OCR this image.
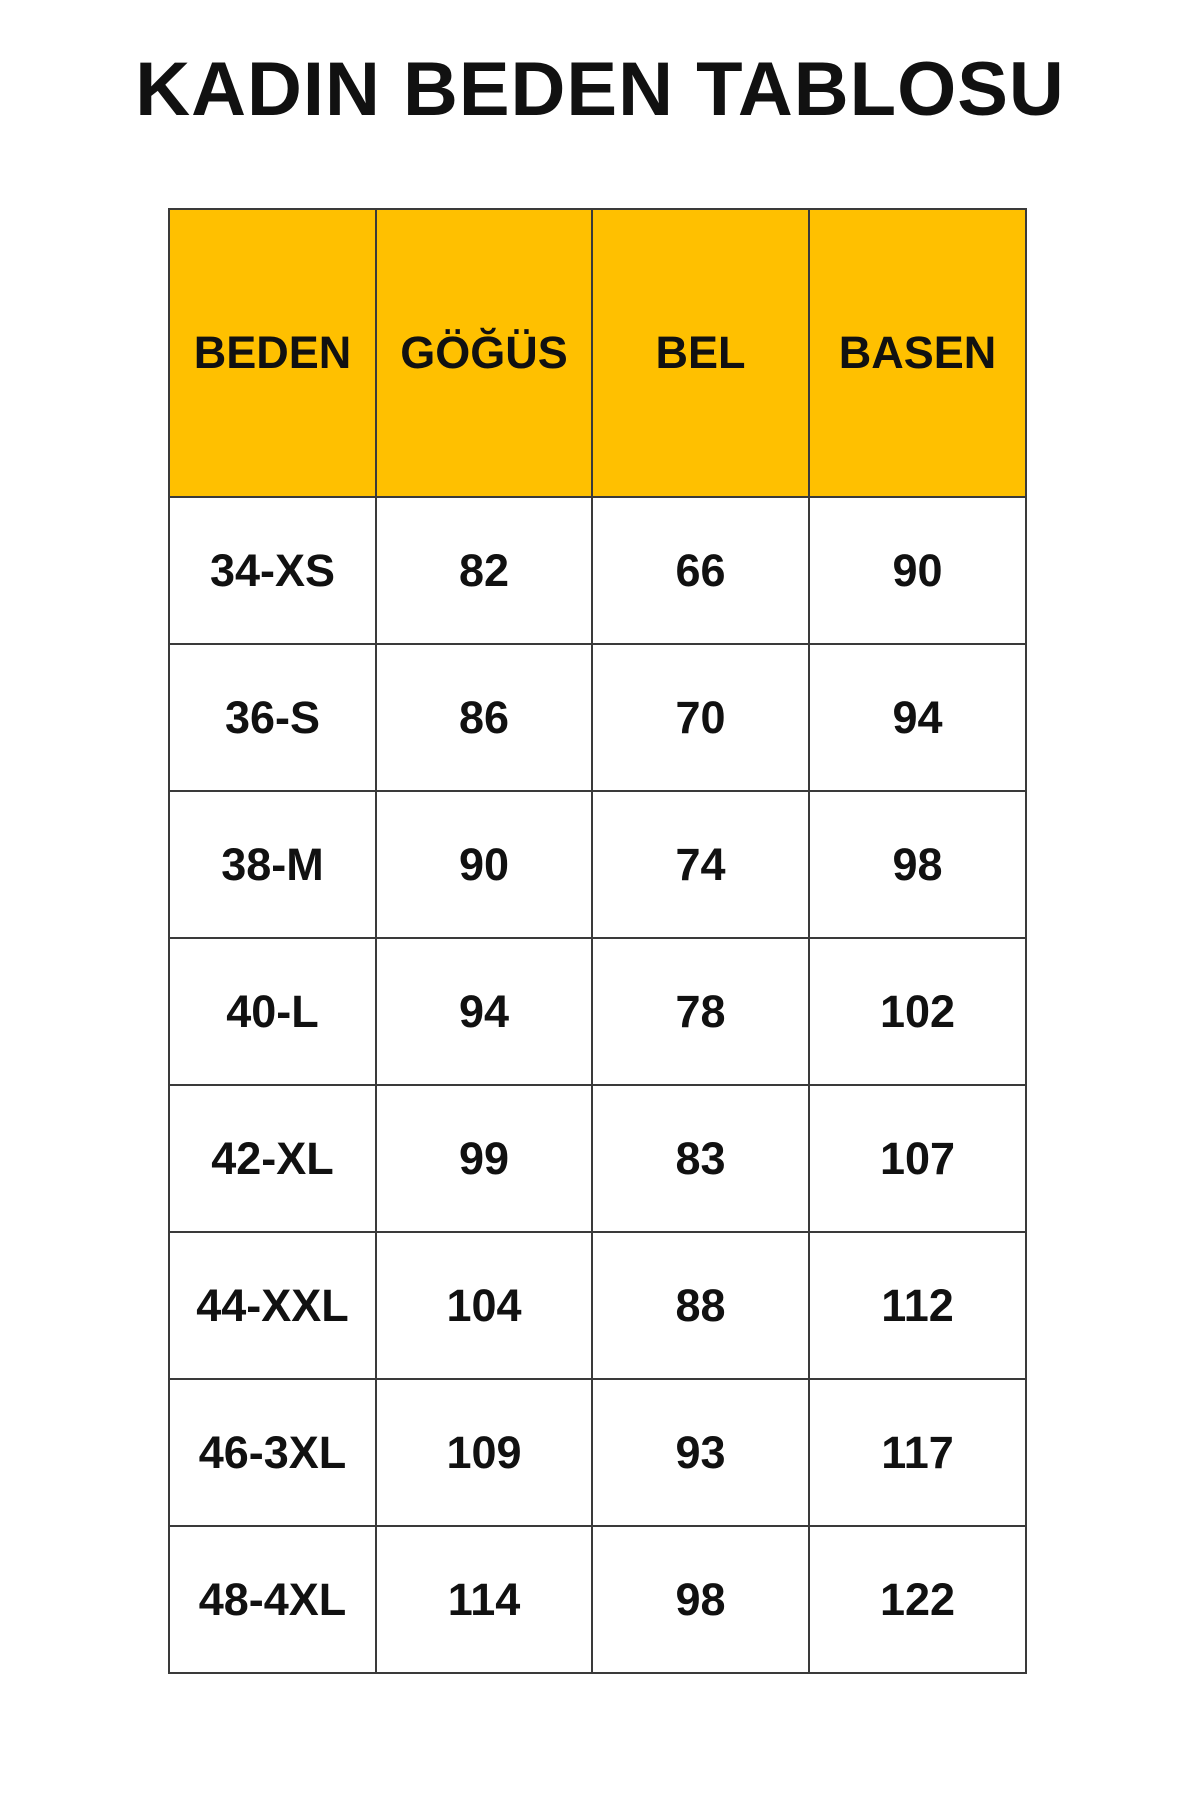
KADIN BEDEN TABLOSU
BEDEN	GÖĞÜS	BEL	BASEN
34-XS	82	66	90
36-S	86	70	94
38-M	90	74	98
40-L	94	78	102
42-XL	99	83	107
44-XXL	104	88	112
46-3XL	109	93	117
48-4XL	114	98	122
